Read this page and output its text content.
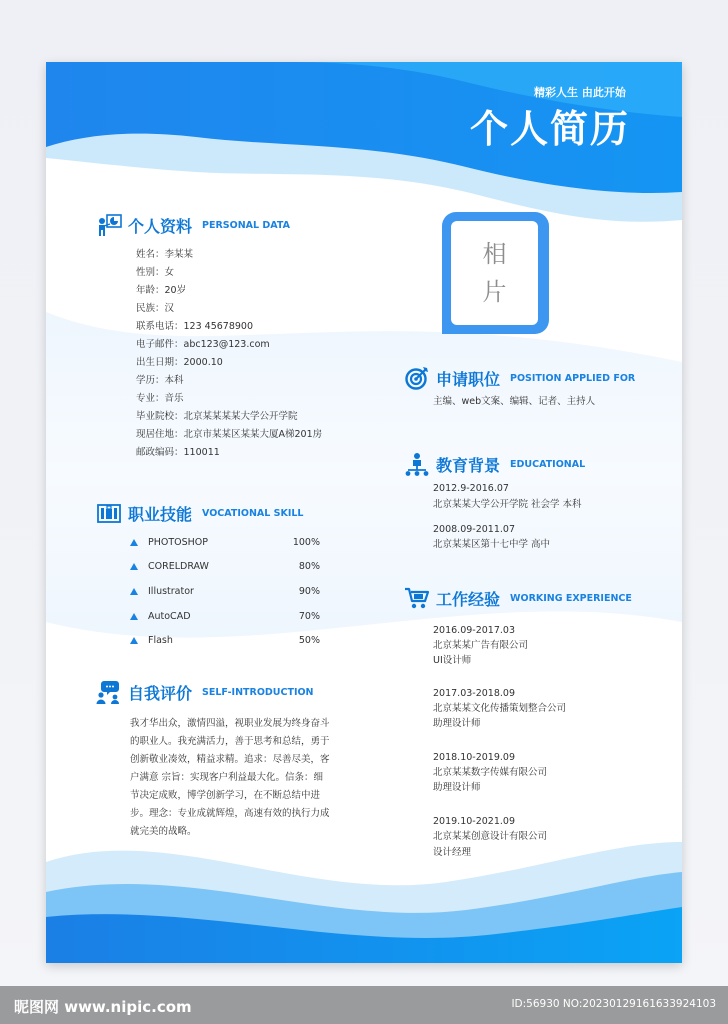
精彩人生 由此开始
个人简历
个人资料 PERSONAL DATA
姓名：李某某
性别：女
年龄：20岁
民族：汉
联系电话：123 45678900
电子邮件：abc123@123.com
出生日期：2000.10
学历：本科
专业：音乐
毕业院校：北京某某某某大学公开学院
现居住地：北京市某某区某某大厦A梯201房
邮政编码：110011
职业技能 VOCATIONAL SKILL
PHOTOSHOP	100%
CORELDRAW	80%
Illustrator	90%
AutoCAD	70%
Flash	50%
自我评价 SELF-INTRODUCTION
我才华出众，激情四溢，视职业发展为终身奋斗的职业人。我充满活力，善于思考和总结，勇于创新敬业凑效，精益求精。追求：尽善尽美，客户满意 宗旨：实现客户利益最大化。信条：细节决定成败，博学创新学习，在不断总结中进步。理念：专业成就辉煌，高速有效的执行力成就完美的战略。
相
片
申请职位 POSITION APPLIED FOR
主编、web文案、编辑、记者、主持人
教育背景 EDUCATIONAL
2012.9-2016.07
北京某某大学公开学院 社会学 本科
2008.09-2011.07
北京某某区第十七中学 高中
工作经验 WORKING EXPERIENCE
2016.09-2017.03
北京某某广告有限公司
UI设计师
2017.03-2018.09
北京某某文化传播策划整合公司
助理设计师
2018.10-2019.09
北京某某数字传媒有限公司
助理设计师
2019.10-2021.09
北京某某创意设计有限公司
设计经理
昵图网 www.nipic.com	ID:56930 NO:20230129161633924103
